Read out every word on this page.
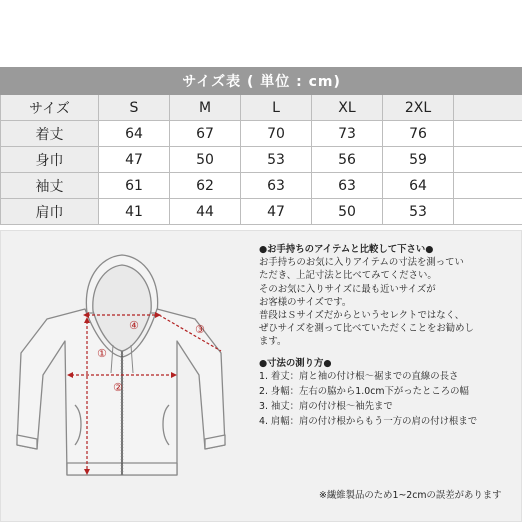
サイズ表 ( 単位 : cm)						
サイズ	S	M	L	XL	2XL	
着丈	64	67	70	73	76	
身巾	47	50	53	56	59	
袖丈	61	62	63	63	64	
肩巾	41	44	47	50	53	
①
②
③
④

●お手持ちのアイテムと比較して下さい●

お手持ちのお気に入りアイテムの寸法を測ってい

ただき、上記寸法と比べてみてください。

そのお気に入りサイズに最も近いサイズが

お客様のサイズです。

普段はＳサイズだからというセレクトではなく、

ぜひサイズを測って比べていただくことをお勧めし

ます。

●寸法の測り方●

1. 着丈：肩と袖の付け根〜裾までの直線の長さ

2. 身幅：左右の脇から1.0cm下がったところの幅

3. 袖丈：肩の付け根〜袖先まで

4. 肩幅：肩の付け根からもう一方の肩の付け根まで

※繊維製品のため1~2cmの誤差があります
